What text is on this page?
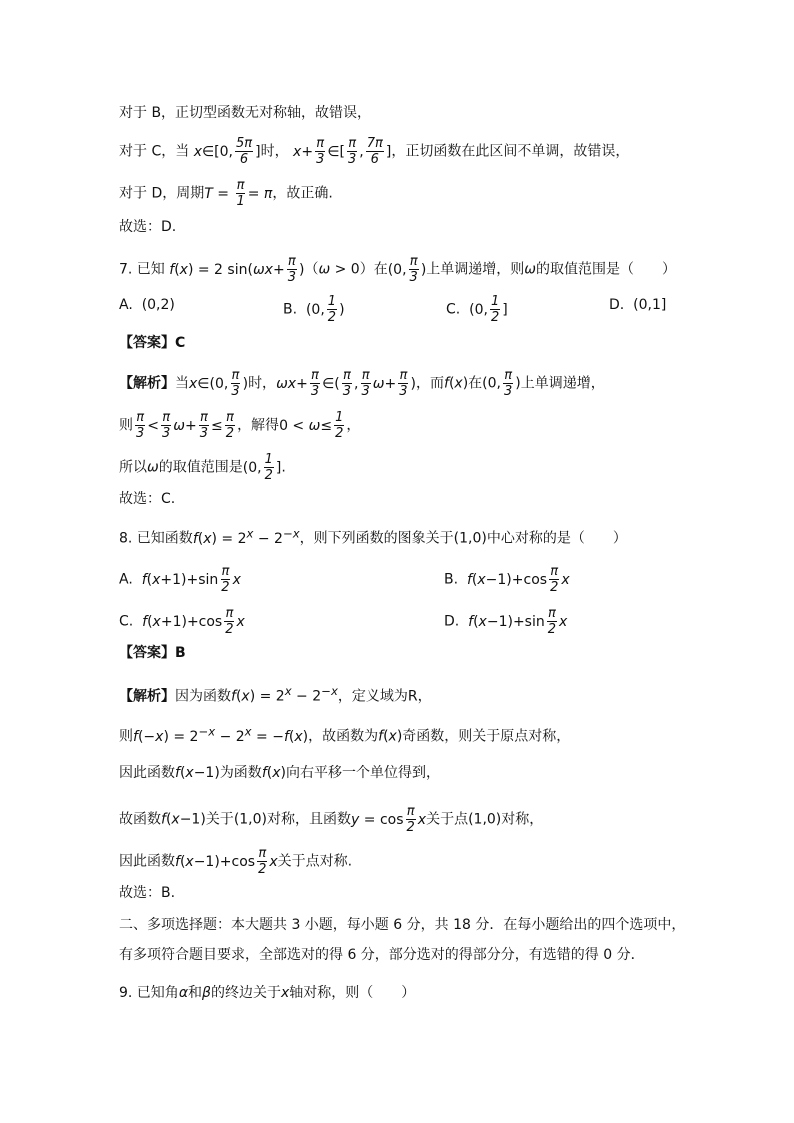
对于 B，正切型函数无对称轴，故错误，
对于 C，当 x∈[0, $\frac{5\pi}{6}$ ]时， $x+ \frac{\pi}{3}$ ∈[ $\frac{\pi}{3}$ , $\frac{7\pi}{6}$ ]，正切函数在此区间不单调，故错误，
对于 D，周期$T = \frac{\pi}{1} = \pi$，故正确.
故选：D.
7. 已知 f(x) = 2 $\sin(\omega x+ \frac{\pi}{3} )(\omega > 0)$在(0, $\frac{\pi}{3}$ )上单调递增，则ω的取值范围是（　　）
A. (0,2)	B. (0, $\frac{1}{2}$ )	C. (0, $\frac{1}{2}$ ]	D. (0,1]
【答案】C
【解析】当x∈(0, $\frac{\pi}{3}$ )时，$\omega x+ \frac{\pi}{3}$ ∈( $\frac{\pi}{3}$ , $\frac{\pi}{3} \omega+ \frac{\pi}{3}$ )，而f(x)在(0, $\frac{\pi}{3}$ )上单调递增，
则 $\frac{\pi}{3} < \frac{\pi}{3} \omega+ \frac{\pi}{3} \le \frac{\pi}{2}$ ，解得$0 < \omega\le \frac{1}{2}$ ，
所以ω的取值范围是(0, $\frac{1}{2}$ ].
故选：C.
8. 已知函数$f(x) = 2^x - 2^{-x}$，则下列函数的图象关于(1,0)中心对称的是（　　）
A. $f(x+1)+\sin \frac{\pi}{2}$ x	B. $f(x-1)+\cos \frac{\pi}{2}$ x
C. $f(x+1)+\cos \frac{\pi}{2}$ x	D. $f(x-1)+\sin \frac{\pi}{2}$ x
【答案】B
【解析】因为函数$f(x) = 2^x - 2^{-x}$，定义域为R，
则$f(-x) = 2^{-x} - 2^x = -f(x)$，故函数为f(x)奇函数，则关于原点对称，
因此函数f(x−1)为函数f(x)向右平移一个单位得到，
故函数f(x−1)关于(1,0)对称，且函数$y = \cos \frac{\pi}{2}$ x关于点(1,0)对称，
因此函数$f(x-1)+\cos \frac{\pi}{2}$ x关于点对称.
故选：B.
二、多项选择题：本大题共 3 小题，每小题 6 分，共 18 分．在每小题给出的四个选项中，
有多项符合题目要求，全部选对的得 6 分，部分选对的得部分分，有选错的得 0 分．
9. 已知角α和β的终边关于x轴对称，则（　　）
